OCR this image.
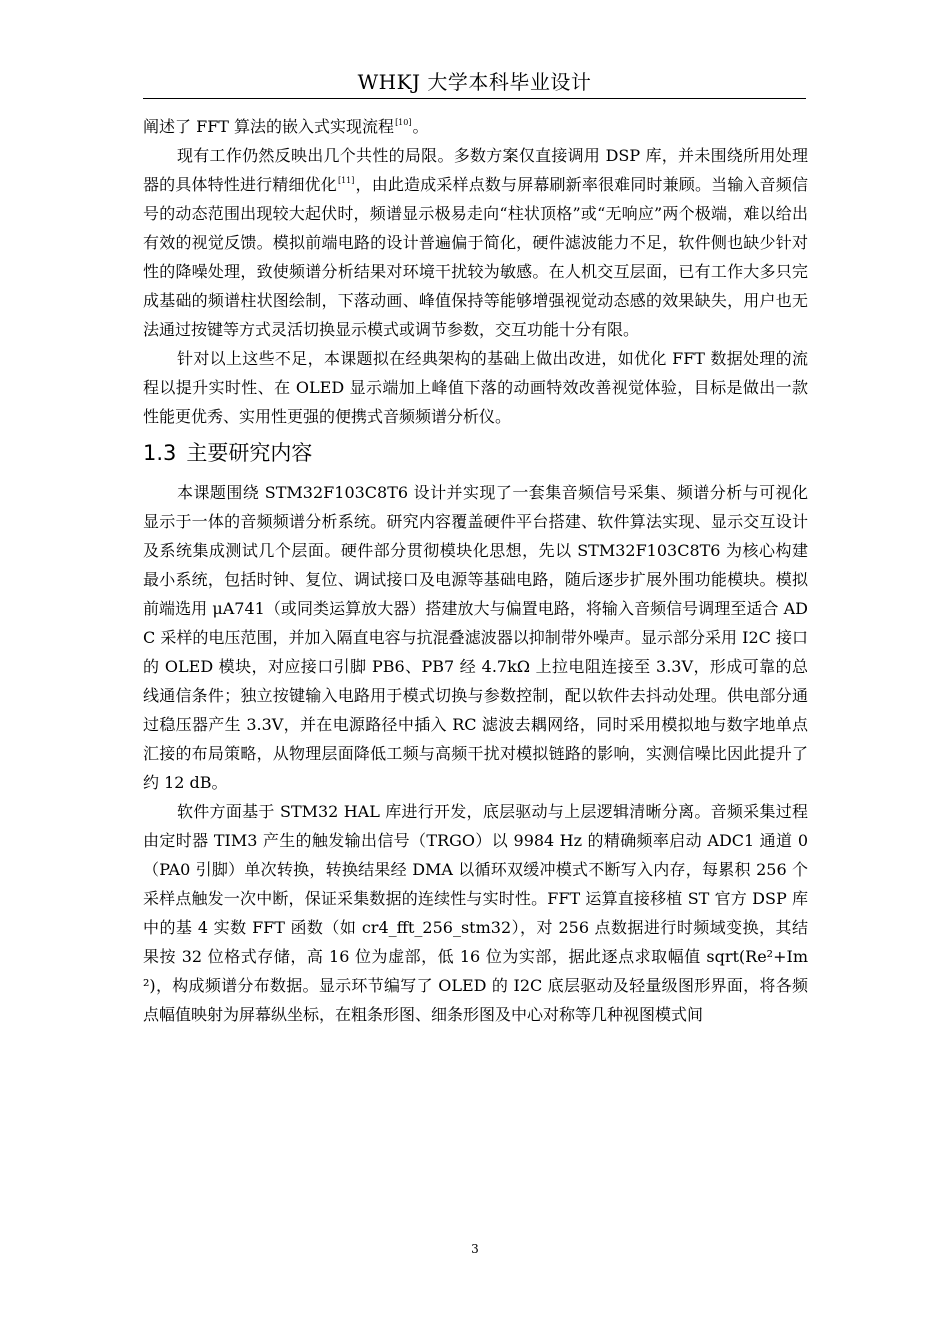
WHKJ 大学本科毕业设计

阐述了 FFT 算法的嵌入式实现流程[10]。

现有工作仍然反映出几个共性的局限。多数方案仅直接调用 DSP 库，并未围绕所用处理器的具体特性进行精细优化[11]，由此造成采样点数与屏幕刷新率很难同时兼顾。当输入音频信号的动态范围出现较大起伏时，频谱显示极易走向“柱状顶格”或“无响应”两个极端，难以给出有效的视觉反馈。模拟前端电路的设计普遍偏于简化，硬件滤波能力不足，软件侧也缺少针对性的降噪处理，致使频谱分析结果对环境干扰较为敏感。在人机交互层面，已有工作大多只完成基础的频谱柱状图绘制，下落动画、峰值保持等能够增强视觉动态感的效果缺失，用户也无法通过按键等方式灵活切换显示模式或调节参数，交互功能十分有限。

针对以上这些不足，本课题拟在经典架构的基础上做出改进，如优化 FFT 数据处理的流程以提升实时性、在 OLED 显示端加上峰值下落的动画特效改善视觉体验，目标是做出一款性能更优秀、实用性更强的便携式音频频谱分析仪。

1.3 主要研究内容

本课题围绕 STM32F103C8T6 设计并实现了一套集音频信号采集、频谱分析与可视化显示于一体的音频频谱分析系统。研究内容覆盖硬件平台搭建、软件算法实现、显示交互设计及系统集成测试几个层面。硬件部分贯彻模块化思想，先以 STM32F103C8T6 为核心构建最小系统，包括时钟、复位、调试接口及电源等基础电路，随后逐步扩展外围功能模块。模拟前端选用 μA741（或同类运算放大器）搭建放大与偏置电路，将输入音频信号调理至适合 ADC 采样的电压范围，并加入隔直电容与抗混叠滤波器以抑制带外噪声。显示部分采用 I2C 接口的 OLED 模块，对应接口引脚 PB6、PB7 经 4.7kΩ 上拉电阻连接至 3.3V，形成可靠的总线通信条件；独立按键输入电路用于模式切换与参数控制，配以软件去抖动处理。供电部分通过稳压器产生 3.3V，并在电源路径中插入 RC 滤波去耦网络，同时采用模拟地与数字地单点汇接的布局策略，从物理层面降低工频与高频干扰对模拟链路的影响，实测信噪比因此提升了约 12 dB。

软件方面基于 STM32 HAL 库进行开发，底层驱动与上层逻辑清晰分离。音频采集过程由定时器 TIM3 产生的触发输出信号（TRGO）以 9984 Hz 的精确频率启动 ADC1 通道 0（PA0 引脚）单次转换，转换结果经 DMA 以循环双缓冲模式不断写入内存，每累积 256 个采样点触发一次中断，保证采集数据的连续性与实时性。FFT 运算直接移植 ST 官方 DSP 库中的基 4 实数 FFT 函数（如 cr4_fft_256_stm32），对 256 点数据进行时频域变换，其结果按 32 位格式存储，高 16 位为虚部，低 16 位为实部，据此逐点求取幅值 sqrt(Re²+Im²)，构成频谱分布数据。显示环节编写了 OLED 的 I2C 底层驱动及轻量级图形界面，将各频点幅值映射为屏幕纵坐标，在粗条形图、细条形图及中心对称等几种视图模式间

3
